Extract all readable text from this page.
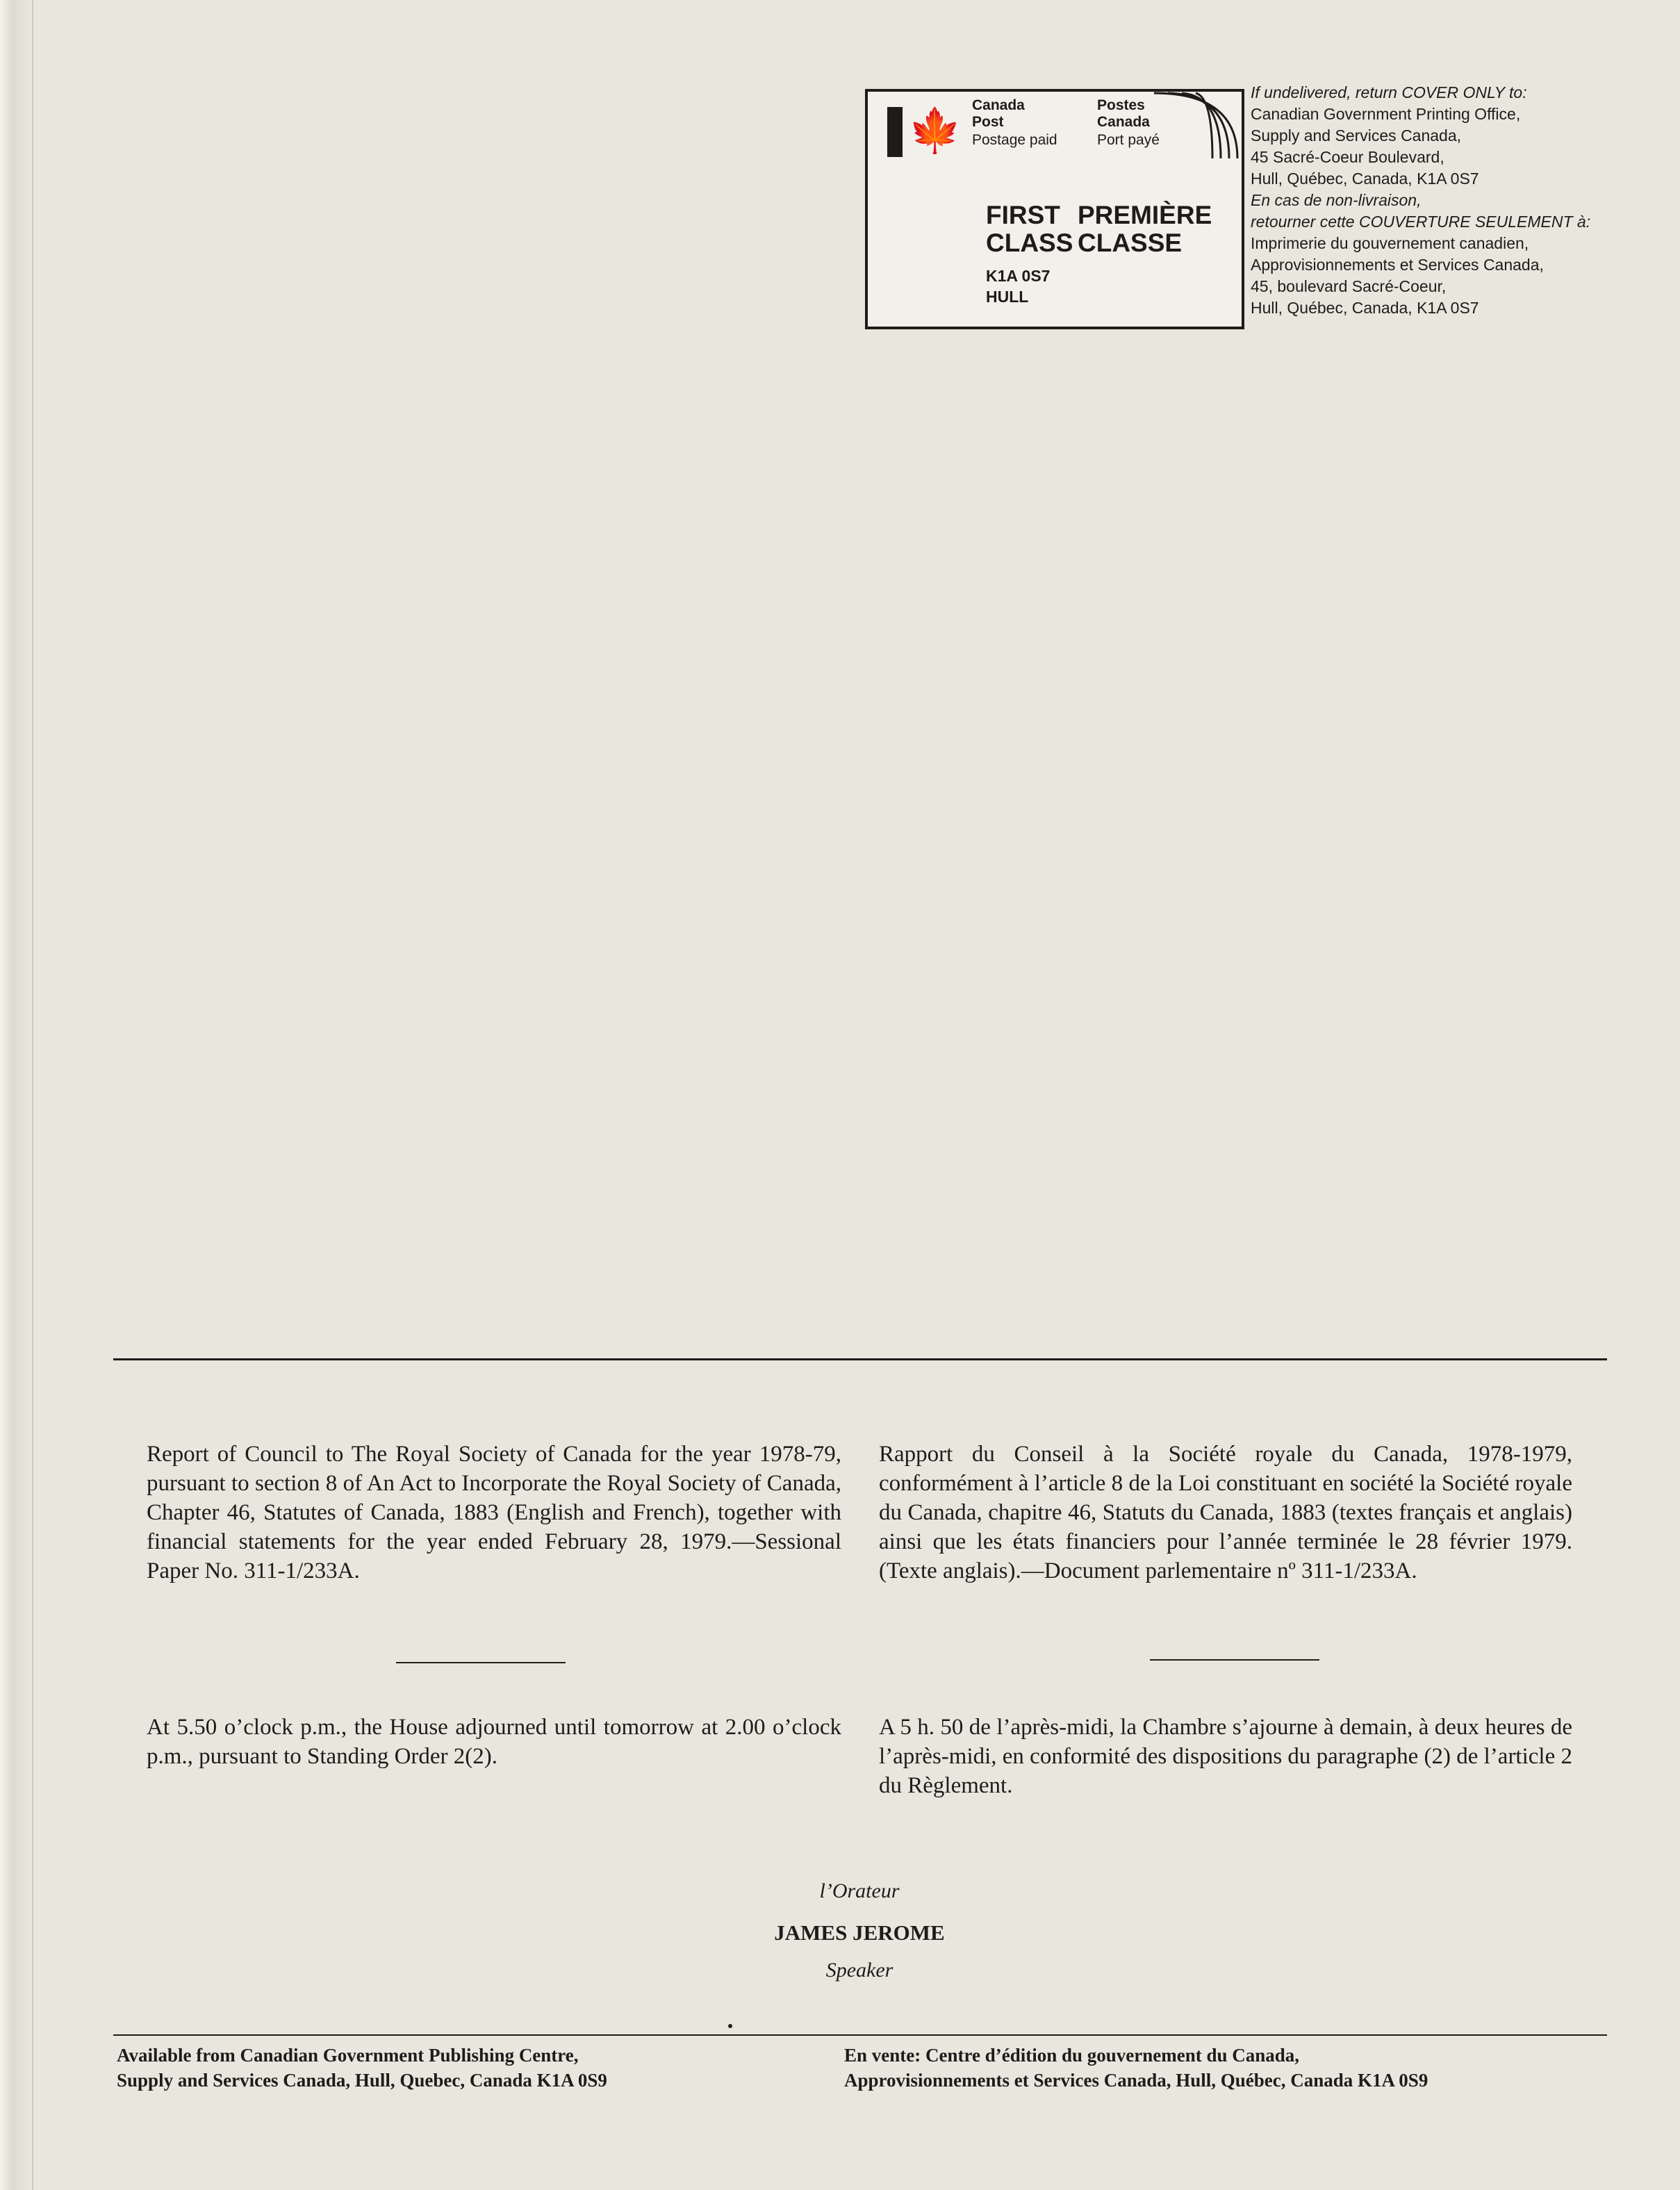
🍁 Canada
Post
Postes
Canada
Postage paid	Port payé
FIRST
CLASS
PREMIÈRE
CLASSE
K1A 0S7
HULL
If undelivered, return COVER ONLY to:
Canadian Government Printing Office,
Supply and Services Canada,
45 Sacré-Coeur Boulevard,
Hull, Québec, Canada, K1A 0S7
En cas de non-livraison,
retourner cette COUVERTURE SEULEMENT à:
Imprimerie du gouvernement canadien,
Approvisionnements et Services Canada,
45, boulevard Sacré-Coeur,
Hull, Québec, Canada, K1A 0S7
Report of Council to The Royal Society of Canada for the year 1978-79, pursuant to section 8 of An Act to Incorporate the Royal Society of Canada, Chapter 46, Statutes of Canada, 1883 (English and French), together with financial statements for the year ended February 28, 1979.—Sessional Paper No. 311-1/233A.
Rapport du Conseil à la Société royale du Canada, 1978-1979, conformément à l’article 8 de la Loi constituant en société la Société royale du Canada, chapitre 46, Statuts du Canada, 1883 (textes français et anglais) ainsi que les états financiers pour l’année terminée le 28 février 1979. (Texte anglais).—Document parlementaire nº 311-1/233A.
At 5.50 o’clock p.m., the House adjourned until tomorrow at 2.00 o’clock p.m., pursuant to Standing Order 2(2).
A 5 h. 50 de l’après-midi, la Chambre s’ajourne à demain, à deux heures de l’après-midi, en conformité des dispositions du paragraphe (2) de l’article 2 du Règlement.
l’Orateur
JAMES JEROME
Speaker
Available from Canadian Government Publishing Centre,
Supply and Services Canada, Hull, Quebec, Canada K1A 0S9
En vente: Centre d’édition du gouvernement du Canada,
Approvisionnements et Services Canada, Hull, Québec, Canada K1A 0S9
